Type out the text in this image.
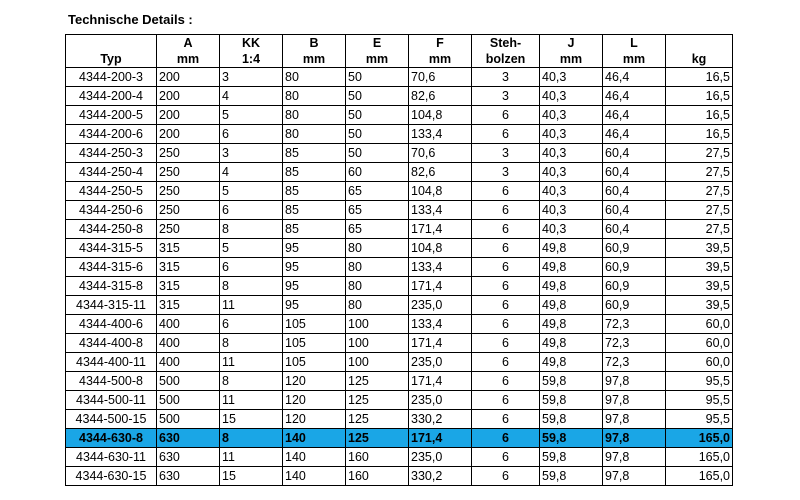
Technische Details :
	A	KK	B	E	F	Steh-	J	L	
Typ	mm	1:4	mm	mm	mm	bolzen	mm	mm	kg
4344-200-3	200	3	80	50	70,6	3	40,3	46,4	16,5
4344-200-4	200	4	80	50	82,6	3	40,3	46,4	16,5
4344-200-5	200	5	80	50	104,8	6	40,3	46,4	16,5
4344-200-6	200	6	80	50	133,4	6	40,3	46,4	16,5
4344-250-3	250	3	85	50	70,6	3	40,3	60,4	27,5
4344-250-4	250	4	85	60	82,6	3	40,3	60,4	27,5
4344-250-5	250	5	85	65	104,8	6	40,3	60,4	27,5
4344-250-6	250	6	85	65	133,4	6	40,3	60,4	27,5
4344-250-8	250	8	85	65	171,4	6	40,3	60,4	27,5
4344-315-5	315	5	95	80	104,8	6	49,8	60,9	39,5
4344-315-6	315	6	95	80	133,4	6	49,8	60,9	39,5
4344-315-8	315	8	95	80	171,4	6	49,8	60,9	39,5
4344-315-11	315	11	95	80	235,0	6	49,8	60,9	39,5
4344-400-6	400	6	105	100	133,4	6	49,8	72,3	60,0
4344-400-8	400	8	105	100	171,4	6	49,8	72,3	60,0
4344-400-11	400	11	105	100	235,0	6	49,8	72,3	60,0
4344-500-8	500	8	120	125	171,4	6	59,8	97,8	95,5
4344-500-11	500	11	120	125	235,0	6	59,8	97,8	95,5
4344-500-15	500	15	120	125	330,2	6	59,8	97,8	95,5
4344-630-8	630	8	140	125	171,4	6	59,8	97,8	165,0
4344-630-11	630	11	140	160	235,0	6	59,8	97,8	165,0
4344-630-15	630	15	140	160	330,2	6	59,8	97,8	165,0
